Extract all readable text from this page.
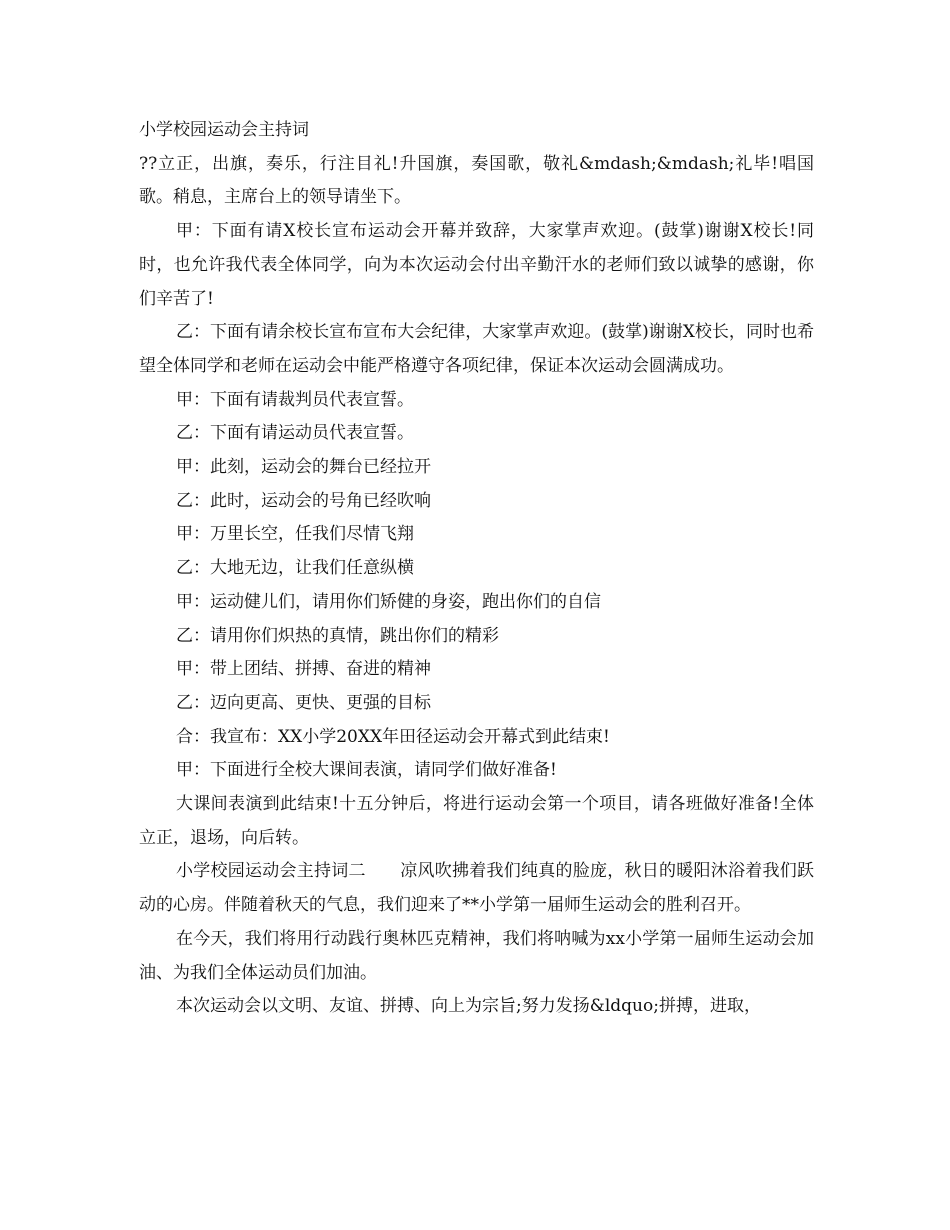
小学校园运动会主持词

??立正，出旗，奏乐，行注目礼!升国旗，奏国歌，敬礼&mdash;&mdash;礼毕!唱国歌。稍息，主席台上的领导请坐下。

甲：下面有请X校长宣布运动会开幕并致辞，大家掌声欢迎。(鼓掌)谢谢X校长!同时，也允许我代表全体同学，向为本次运动会付出辛勤汗水的老师们致以诚挚的感谢，你们辛苦了!

乙：下面有请余校长宣布宣布大会纪律，大家掌声欢迎。(鼓掌)谢谢X校长，同时也希望全体同学和老师在运动会中能严格遵守各项纪律，保证本次运动会圆满成功。

甲：下面有请裁判员代表宣誓。

乙：下面有请运动员代表宣誓。

甲：此刻，运动会的舞台已经拉开

乙：此时，运动会的号角已经吹响

甲：万里长空，任我们尽情飞翔

乙：大地无边，让我们任意纵横

甲：运动健儿们，请用你们矫健的身姿，跑出你们的自信

乙：请用你们炽热的真情，跳出你们的精彩

甲：带上团结、拼搏、奋进的精神

乙：迈向更高、更快、更强的目标

合：我宣布：XX小学20XX年田径运动会开幕式到此结束!

甲：下面进行全校大课间表演，请同学们做好准备!

大课间表演到此结束!十五分钟后，将进行运动会第一个项目，请各班做好准备!全体立正，退场，向后转。

小学校园运动会主持词二　　凉风吹拂着我们纯真的脸庞，秋日的暖阳沐浴着我们跃动的心房。伴随着秋天的气息，我们迎来了**小学第一届师生运动会的胜利召开。

在今天，我们将用行动践行奥林匹克精神，我们将呐喊为xx小学第一届师生运动会加油、为我们全体运动员们加油。

本次运动会以文明、友谊、拼搏、向上为宗旨;努力发扬&ldquo;拼搏，进取，
